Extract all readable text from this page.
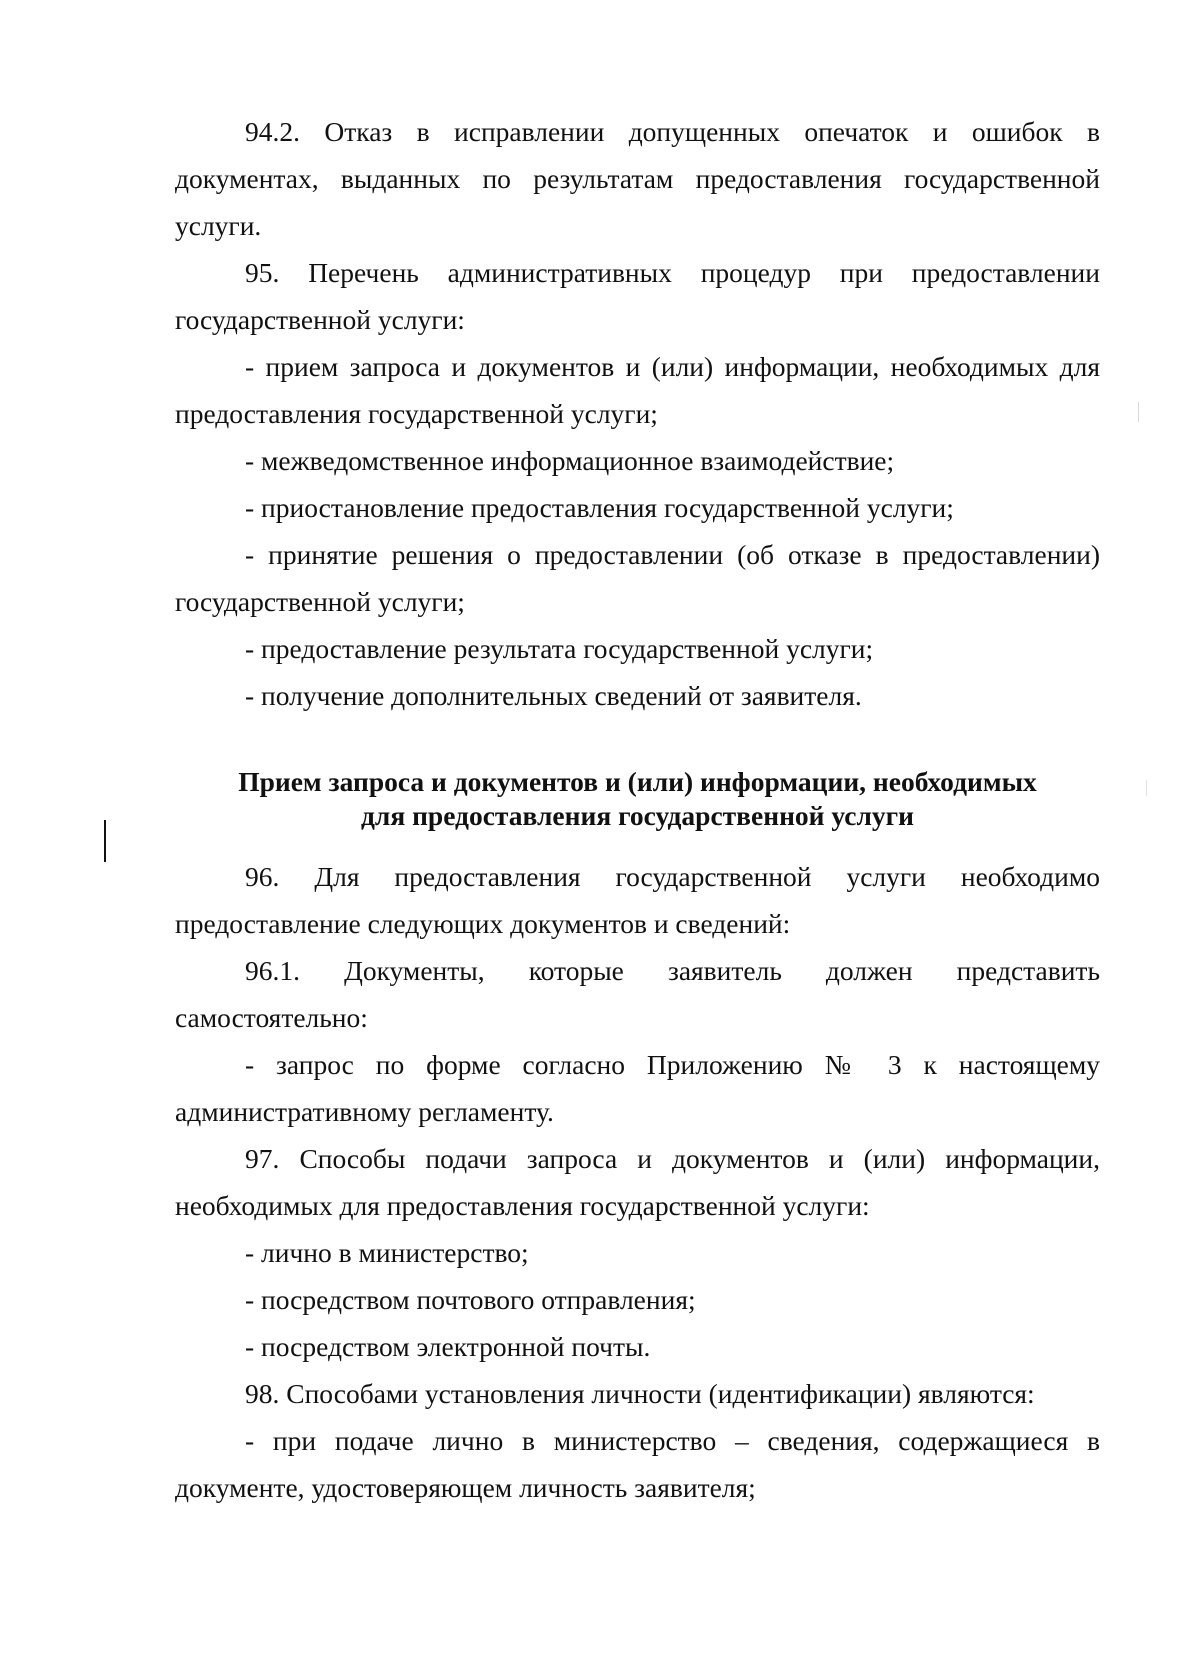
94.2. Отказ в исправлении допущенных опечаток и ошибок в документах, выданных по результатам предоставления государственной услуги.

95. Перечень административных процедур при предоставлении государственной услуги:

- прием запроса и документов и (или) информации, необходимых для предоставления государственной услуги;

- межведомственное информационное взаимодействие;

- приостановление предоставления государственной услуги;

- принятие решения о предоставлении (об отказе в предоставлении) государственной услуги;

- предоставление результата государственной услуги;

- получение дополнительных сведений от заявителя.

Прием запроса и документов и (или) информации, необходимых
для предоставления государственной услуги

96. Для предоставления государственной услуги необходимо предоставление следующих документов и сведений:

96.1. Документы, которые заявитель должен представить самостоятельно:

- запрос по форме согласно Приложению № 3 к настоящему административному регламенту.

97. Способы подачи запроса и документов и (или) информации, необходимых для предоставления государственной услуги:

- лично в министерство;

- посредством почтового отправления;

- посредством электронной почты.

98. Способами установления личности (идентификации) являются:

- при подаче лично в министерство – сведения, содержащиеся в документе, удостоверяющем личность заявителя;
